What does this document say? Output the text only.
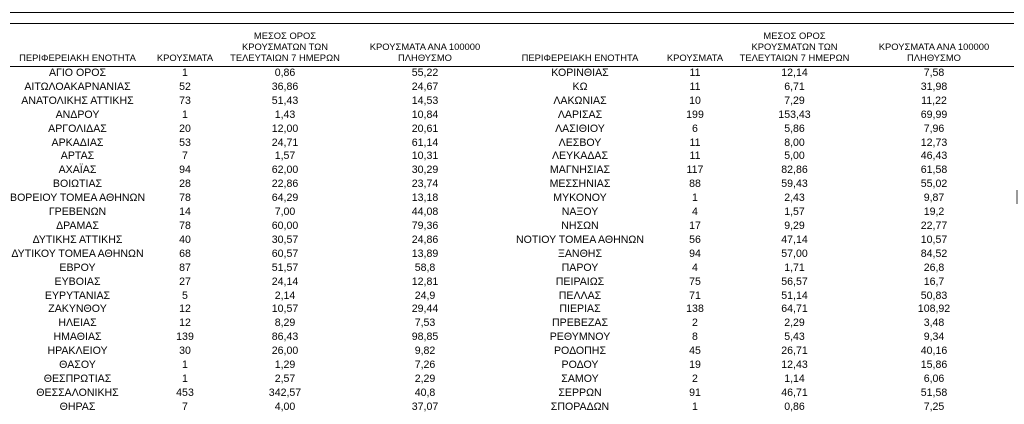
ΠΕΡΙΦΕΡΕΙΑΚΗ ΕΝΟΤΗΤΑ	ΚΡΟΥΣΜΑΤΑ	ΜΕΣΟΣ ΟΡΟΣ
ΚΡΟΥΣΜΑΤΩΝ ΤΩΝ
ΤΕΛΕΥΤΑΙΩΝ 7 ΗΜΕΡΩΝ	ΚΡΟΥΣΜΑΤΑ ΑΝΑ 100000
ΠΛΗΘΥΣΜΟ	ΠΕΡΙΦΕΡΕΙΑΚΗ ΕΝΟΤΗΤΑ	ΚΡΟΥΣΜΑΤΑ	ΜΕΣΟΣ ΟΡΟΣ
ΚΡΟΥΣΜΑΤΩΝ ΤΩΝ
ΤΕΛΕΥΤΑΙΩΝ 7 ΗΜΕΡΩΝ	ΚΡΟΥΣΜΑΤΑ ΑΝΑ 100000
ΠΛΗΘΥΣΜΟ
ΑΓΙΟ ΟΡΟΣ	1	0,86	55,22	ΚΟΡΙΝΘΙΑΣ	11	12,14	7,58
ΑΙΤΩΛΟΑΚΑΡΝΑΝΙΑΣ	52	36,86	24,67	ΚΩ	11	6,71	31,98
ΑΝΑΤΟΛΙΚΗΣ ΑΤΤΙΚΗΣ	73	51,43	14,53	ΛΑΚΩΝΙΑΣ	10	7,29	11,22
ΑΝΔΡΟΥ	1	1,43	10,84	ΛΑΡΙΣΑΣ	199	153,43	69,99
ΑΡΓΟΛΙΔΑΣ	20	12,00	20,61	ΛΑΣΙΘΙΟΥ	6	5,86	7,96
ΑΡΚΑΔΙΑΣ	53	24,71	61,14	ΛΕΣΒΟΥ	11	8,00	12,73
ΑΡΤΑΣ	7	1,57	10,31	ΛΕΥΚΑΔΑΣ	11	5,00	46,43
ΑΧΑΪΑΣ	94	62,00	30,29	ΜΑΓΝΗΣΙΑΣ	117	82,86	61,58
ΒΟΙΩΤΙΑΣ	28	22,86	23,74	ΜΕΣΣΗΝΙΑΣ	88	59,43	55,02
ΒΟΡΕΙΟΥ ΤΟΜΕΑ ΑΘΗΝΩΝ	78	64,29	13,18	ΜΥΚΟΝΟΥ	1	2,43	9,87
ΓΡΕΒΕΝΩΝ	14	7,00	44,08	ΝΑΞΟΥ	4	1,57	19,2
ΔΡΑΜΑΣ	78	60,00	79,36	ΝΗΣΩΝ	17	9,29	22,77
ΔΥΤΙΚΗΣ ΑΤΤΙΚΗΣ	40	30,57	24,86	ΝΟΤΙΟΥ ΤΟΜΕΑ ΑΘΗΝΩΝ	56	47,14	10,57
ΔΥΤΙΚΟΥ ΤΟΜΕΑ ΑΘΗΝΩΝ	68	60,57	13,89	ΞΑΝΘΗΣ	94	57,00	84,52
ΕΒΡΟΥ	87	51,57	58,8	ΠΑΡΟΥ	4	1,71	26,8
ΕΥΒΟΙΑΣ	27	24,14	12,81	ΠΕΙΡΑΙΩΣ	75	56,57	16,7
ΕΥΡΥΤΑΝΙΑΣ	5	2,14	24,9	ΠΕΛΛΑΣ	71	51,14	50,83
ΖΑΚΥΝΘΟΥ	12	10,57	29,44	ΠΙΕΡΙΑΣ	138	64,71	108,92
ΗΛΕΙΑΣ	12	8,29	7,53	ΠΡΕΒΕΖΑΣ	2	2,29	3,48
ΗΜΑΘΙΑΣ	139	86,43	98,85	ΡΕΘΥΜΝΟΥ	8	5,43	9,34
ΗΡΑΚΛΕΙΟΥ	30	26,00	9,82	ΡΟΔΟΠΗΣ	45	26,71	40,16
ΘΑΣΟΥ	1	1,29	7,26	ΡΟΔΟΥ	19	12,43	15,86
ΘΕΣΠΡΩΤΙΑΣ	1	2,57	2,29	ΣΑΜΟΥ	2	1,14	6,06
ΘΕΣΣΑΛΟΝΙΚΗΣ	453	342,57	40,8	ΣΕΡΡΩΝ	91	46,71	51,58
ΘΗΡΑΣ	7	4,00	37,07	ΣΠΟΡΑΔΩΝ	1	0,86	7,25
